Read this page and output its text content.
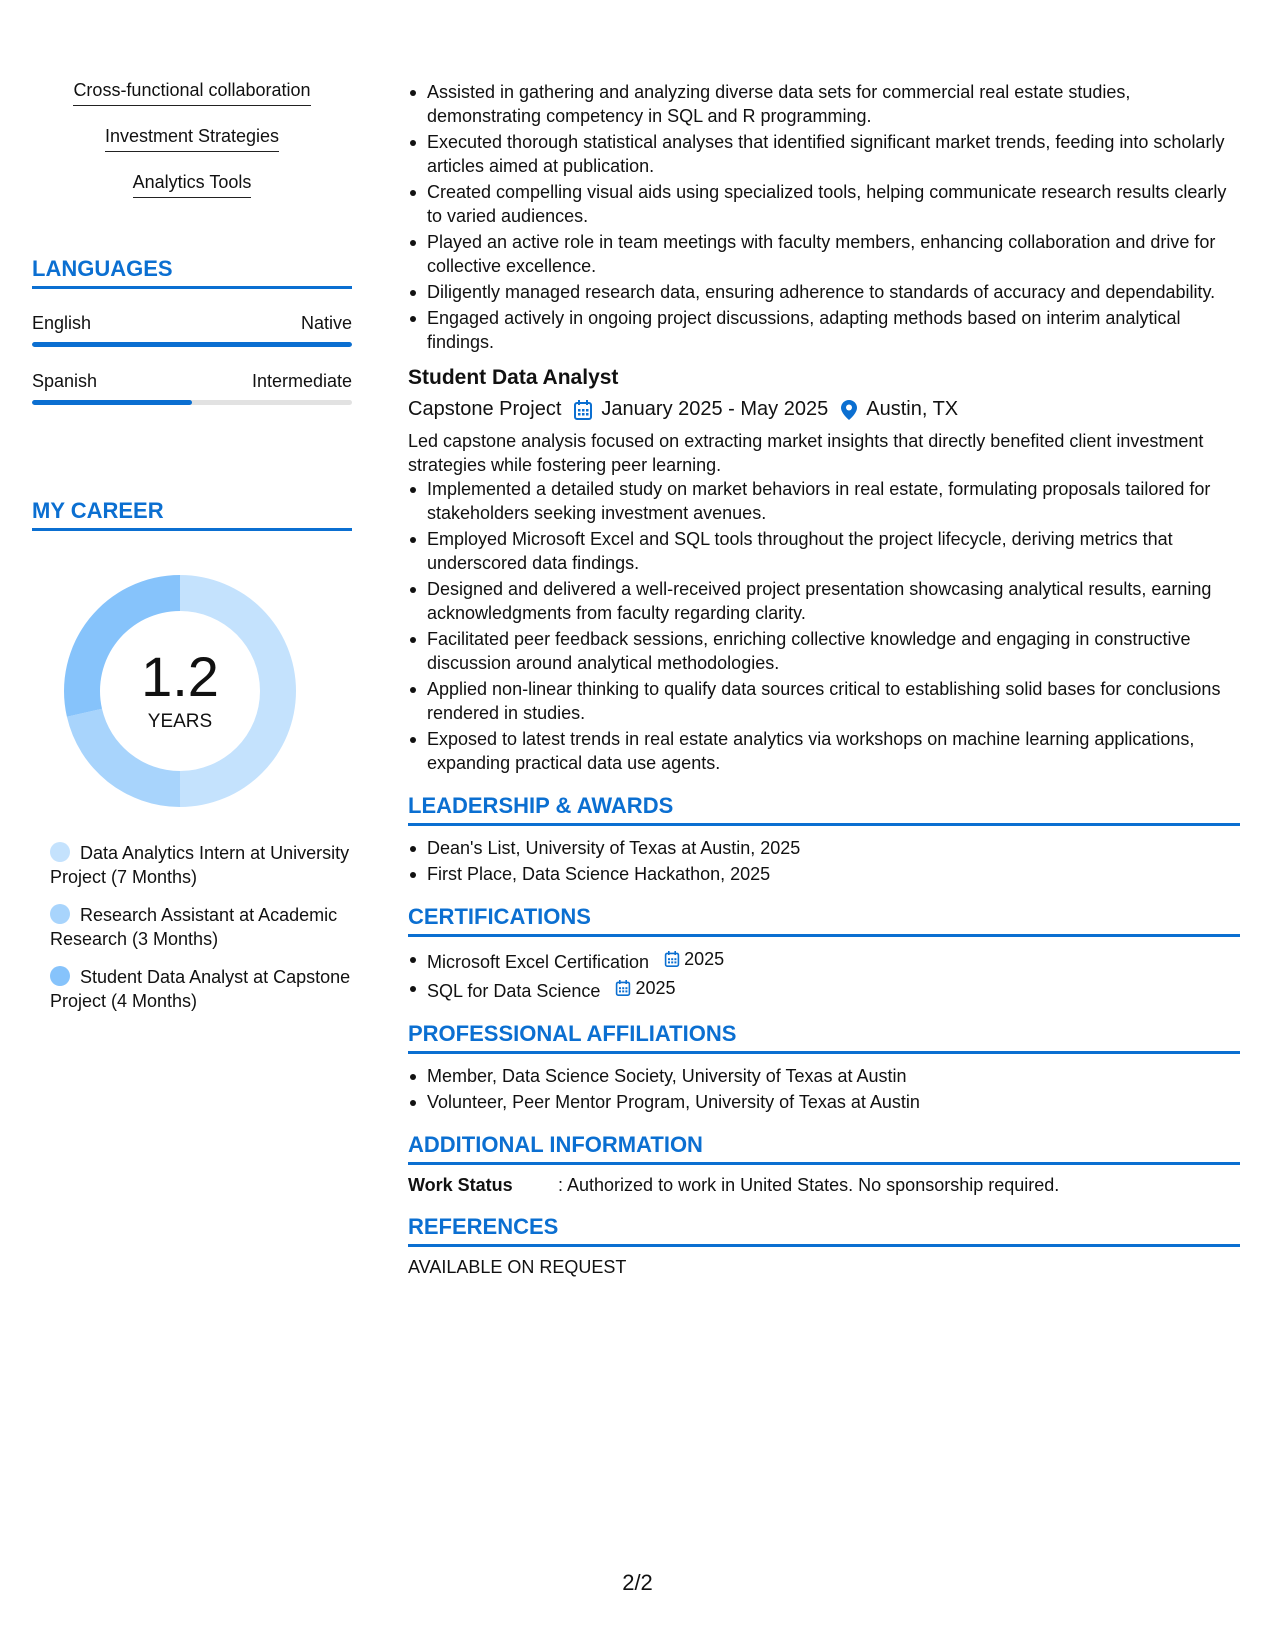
Cross-functional collaboration
Investment Strategies
Analytics Tools
LANGUAGES
English	Native
Spanish	Intermediate
MY CAREER
1.2
YEARS
Data Analytics Intern at University Project (7 Months)
Research Assistant at Academic Research (3 Months)
Student Data Analyst at Capstone Project (4 Months)
Assisted in gathering and analyzing diverse data sets for commercial real estate studies, demonstrating competency in SQL and R programming.
Executed thorough statistical analyses that identified significant market trends, feeding into scholarly articles aimed at publication.
Created compelling visual aids using specialized tools, helping communicate research results clearly to varied audiences.
Played an active role in team meetings with faculty members, enhancing collaboration and drive for collective excellence.
Diligently managed research data, ensuring adherence to standards of accuracy and dependability.
Engaged actively in ongoing project discussions, adapting methods based on interim analytical findings.
Student Data Analyst
Capstone Project January 2025 - May 2025 Austin, TX
Led capstone analysis focused on extracting market insights that directly benefited client investment strategies while fostering peer learning.
Implemented a detailed study on market behaviors in real estate, formulating proposals tailored for stakeholders seeking investment avenues.
Employed Microsoft Excel and SQL tools throughout the project lifecycle, deriving metrics that underscored data findings.
Designed and delivered a well-received project presentation showcasing analytical results, earning acknowledgments from faculty regarding clarity.
Facilitated peer feedback sessions, enriching collective knowledge and engaging in constructive discussion around analytical methodologies.
Applied non-linear thinking to qualify data sources critical to establishing solid bases for conclusions rendered in studies.
Exposed to latest trends in real estate analytics via workshops on machine learning applications, expanding practical data use agents.
LEADERSHIP & AWARDS
Dean's List, University of Texas at Austin, 2025
First Place, Data Science Hackathon, 2025
CERTIFICATIONS
Microsoft Excel Certification 2025
SQL for Data Science 2025
PROFESSIONAL AFFILIATIONS
Member, Data Science Society, University of Texas at Austin
Volunteer, Peer Mentor Program, University of Texas at Austin
ADDITIONAL INFORMATION
Work Status	: Authorized to work in United States. No sponsorship required.
REFERENCES
AVAILABLE ON REQUEST
2/2
